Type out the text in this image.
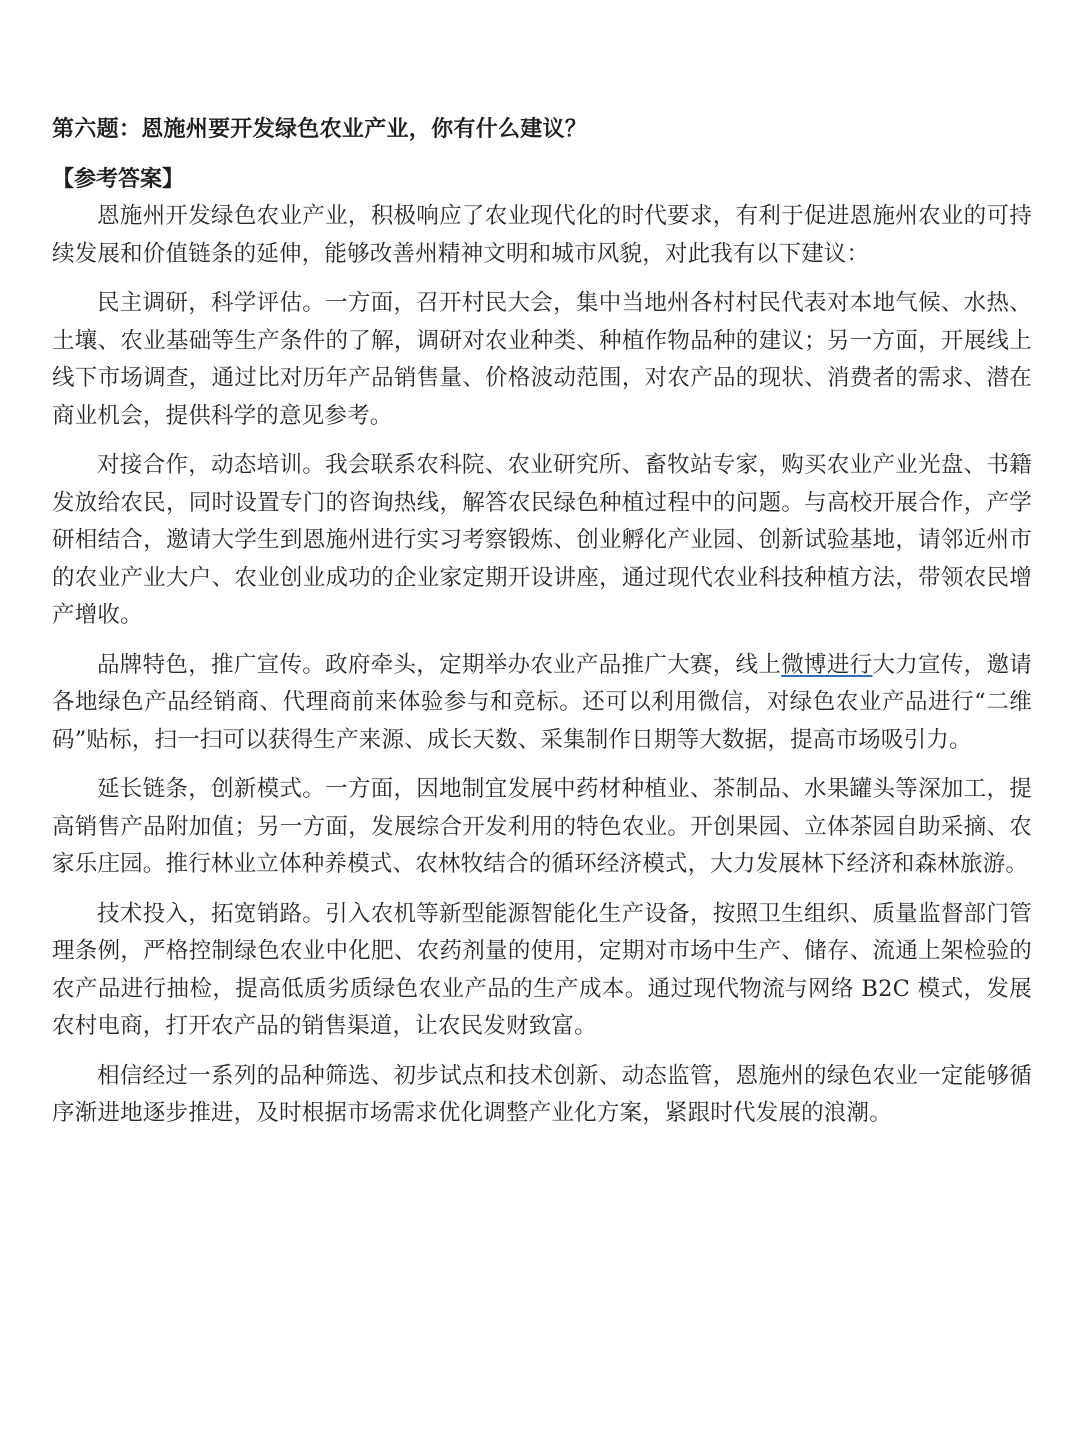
第六题：恩施州要开发绿色农业产业，你有什么建议？
【参考答案】

恩施州开发绿色农业产业，积极响应了农业现代化的时代要求，有利于促进恩施州农业的可持续发展和价值链条的延伸，能够改善州精神文明和城市风貌，对此我有以下建议：

民主调研，科学评估。一方面，召开村民大会，集中当地州各村村民代表对本地气候、水热、土壤、农业基础等生产条件的了解，调研对农业种类、种植作物品种的建议；另一方面，开展线上线下市场调查，通过比对历年产品销售量、价格波动范围，对农产品的现状、消费者的需求、潜在商业机会，提供科学的意见参考。

对接合作，动态培训。我会联系农科院、农业研究所、畜牧站专家，购买农业产业光盘、书籍发放给农民，同时设置专门的咨询热线，解答农民绿色种植过程中的问题。与高校开展合作，产学研相结合，邀请大学生到恩施州进行实习考察锻炼、创业孵化产业园、创新试验基地，请邻近州市的农业产业大户、农业创业成功的企业家定期开设讲座，通过现代农业科技种植方法，带领农民增产增收。

品牌特色，推广宣传。政府牵头，定期举办农业产品推广大赛，线上微博进行大力宣传，邀请各地绿色产品经销商、代理商前来体验参与和竞标。还可以利用微信，对绿色农业产品进行“二维码”贴标，扫一扫可以获得生产来源、成长天数、采集制作日期等大数据，提高市场吸引力。

延长链条，创新模式。一方面，因地制宜发展中药材种植业、茶制品、水果罐头等深加工，提高销售产品附加值；另一方面，发展综合开发利用的特色农业。开创果园、立体茶园自助采摘、农家乐庄园。推行林业立体种养模式、农林牧结合的循环经济模式，大力发展林下经济和森林旅游。

技术投入，拓宽销路。引入农机等新型能源智能化生产设备，按照卫生组织、质量监督部门管理条例，严格控制绿色农业中化肥、农药剂量的使用，定期对市场中生产、储存、流通上架检验的农产品进行抽检，提高低质劣质绿色农业产品的生产成本。通过现代物流与网络 B2C 模式，发展农村电商，打开农产品的销售渠道，让农民发财致富。

相信经过一系列的品种筛选、初步试点和技术创新、动态监管，恩施州的绿色农业一定能够循序渐进地逐步推进，及时根据市场需求优化调整产业化方案，紧跟时代发展的浪潮。
